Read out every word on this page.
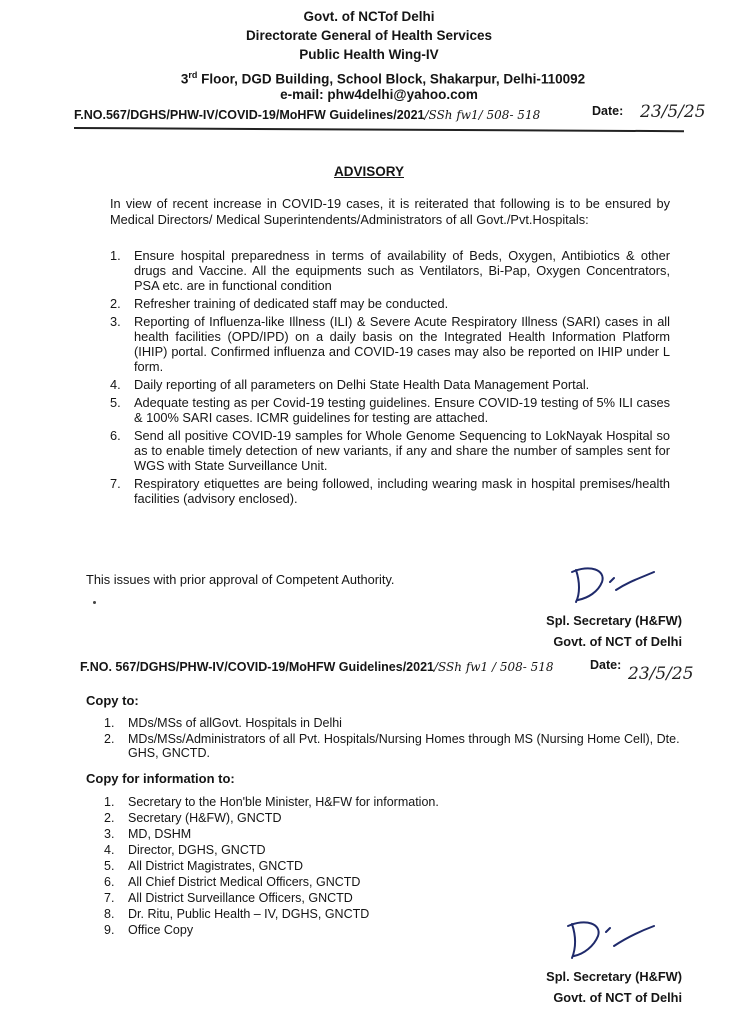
Govt. of NCTof Delhi
Directorate General of Health Services
Public Health Wing-IV
3rd Floor, DGD Building, School Block, Shakarpur, Delhi-110092
e-mail: phw4delhi@yahoo.com
F.NO.567/DGHS/PHW-IV/COVID-19/MoHFW Guidelines/2021/SSh fw1/ 508- 518	Date: 23/5/25
ADVISORY
In view of recent increase in COVID-19 cases, it is reiterated that following is to be ensured by Medical Directors/ Medical Superintendents/Administrators of all Govt./Pvt.Hospitals:
1. Ensure hospital preparedness in terms of availability of Beds, Oxygen, Antibiotics & other drugs and Vaccine. All the equipments such as Ventilators, Bi-Pap, Oxygen Concentrators, PSA etc. are in functional condition
2. Refresher training of dedicated staff may be conducted.
3. Reporting of Influenza-like Illness (ILI) & Severe Acute Respiratory Illness (SARI) cases in all health facilities (OPD/IPD) on a daily basis on the Integrated Health Information Platform (IHIP) portal. Confirmed influenza and COVID-19 cases may also be reported on IHIP under L form.
4. Daily reporting of all parameters on Delhi State Health Data Management Portal.
5. Adequate testing as per Covid-19 testing guidelines. Ensure COVID-19 testing of 5% ILI cases & 100% SARI cases. ICMR guidelines for testing are attached.
6. Send all positive COVID-19 samples for Whole Genome Sequencing to LokNayak Hospital so as to enable timely detection of new variants, if any and share the number of samples sent for WGS with State Surveillance Unit.
7. Respiratory etiquettes are being followed, including wearing mask in hospital premises/health facilities (advisory enclosed).
This issues with prior approval of Competent Authority.
Spl. Secretary (H&FW)
Govt. of NCT of Delhi
F.NO. 567/DGHS/PHW-IV/COVID-19/MoHFW Guidelines/2021/SSh fw1 / 508- 518	Date: 23/5/25
Copy to:
1. MDs/MSs of allGovt. Hospitals in Delhi
2. MDs/MSs/Administrators of all Pvt. Hospitals/Nursing Homes through MS (Nursing Home Cell), Dte. GHS, GNCTD.
Copy for information to:
1. Secretary to the Hon'ble Minister, H&FW for information.
2. Secretary (H&FW), GNCTD
3. MD, DSHM
4. Director, DGHS, GNCTD
5. All District Magistrates, GNCTD
6. All Chief District Medical Officers, GNCTD
7. All District Surveillance Officers, GNCTD
8. Dr. Ritu, Public Health – IV, DGHS, GNCTD
9. Office Copy
Spl. Secretary (H&FW)
Govt. of NCT of Delhi
